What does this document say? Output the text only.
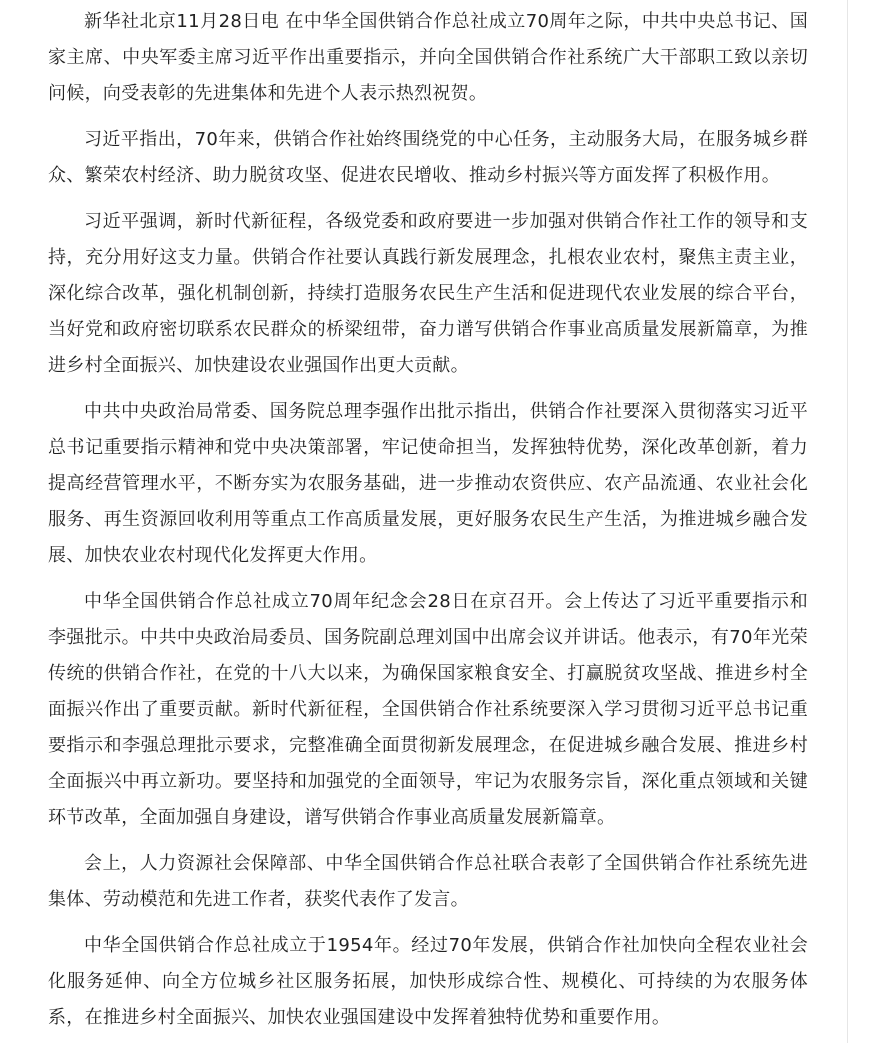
新华社北京11月28日电 在中华全国供销合作总社成立70周年之际，中共中央总书记、国家主席、中央军委主席习近平作出重要指示，并向全国供销合作社系统广大干部职工致以亲切问候，向受表彰的先进集体和先进个人表示热烈祝贺。

习近平指出，70年来，供销合作社始终围绕党的中心任务，主动服务大局，在服务城乡群众、繁荣农村经济、助力脱贫攻坚、促进农民增收、推动乡村振兴等方面发挥了积极作用。

习近平强调，新时代新征程，各级党委和政府要进一步加强对供销合作社工作的领导和支持，充分用好这支力量。供销合作社要认真践行新发展理念，扎根农业农村，聚焦主责主业，深化综合改革，强化机制创新，持续打造服务农民生产生活和促进现代农业发展的综合平台，当好党和政府密切联系农民群众的桥梁纽带，奋力谱写供销合作事业高质量发展新篇章，为推进乡村全面振兴、加快建设农业强国作出更大贡献。

中共中央政治局常委、国务院总理李强作出批示指出，供销合作社要深入贯彻落实习近平总书记重要指示精神和党中央决策部署，牢记使命担当，发挥独特优势，深化改革创新，着力提高经营管理水平，不断夯实为农服务基础，进一步推动农资供应、农产品流通、农业社会化服务、再生资源回收利用等重点工作高质量发展，更好服务农民生产生活，为推进城乡融合发展、加快农业农村现代化发挥更大作用。

中华全国供销合作总社成立70周年纪念会28日在京召开。会上传达了习近平重要指示和李强批示。中共中央政治局委员、国务院副总理刘国中出席会议并讲话。他表示，有70年光荣传统的供销合作社，在党的十八大以来，为确保国家粮食安全、打赢脱贫攻坚战、推进乡村全面振兴作出了重要贡献。新时代新征程，全国供销合作社系统要深入学习贯彻习近平总书记重要指示和李强总理批示要求，完整准确全面贯彻新发展理念，在促进城乡融合发展、推进乡村全面振兴中再立新功。要坚持和加强党的全面领导，牢记为农服务宗旨，深化重点领域和关键环节改革，全面加强自身建设，谱写供销合作事业高质量发展新篇章。

会上，人力资源社会保障部、中华全国供销合作总社联合表彰了全国供销合作社系统先进集体、劳动模范和先进工作者，获奖代表作了发言。

中华全国供销合作总社成立于1954年。经过70年发展，供销合作社加快向全程农业社会化服务延伸、向全方位城乡社区服务拓展，加快形成综合性、规模化、可持续的为农服务体系，在推进乡村全面振兴、加快农业强国建设中发挥着独特优势和重要作用。
